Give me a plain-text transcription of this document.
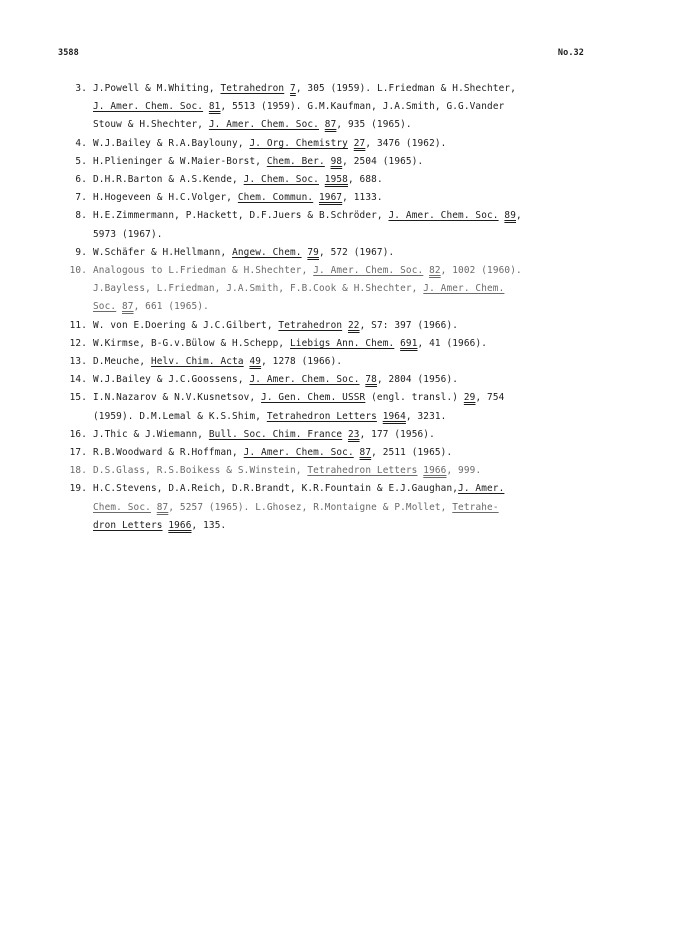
3588	No.32
3. J.Powell & M.Whiting, Tetrahedron 7, 305 (1959). L.Friedman & H.Shechter,
J. Amer. Chem. Soc. 81, 5513 (1959). G.M.Kaufman, J.A.Smith, G.G.Vander
Stouw & H.Shechter, J. Amer. Chem. Soc. 87, 935 (1965).
4. W.J.Bailey & R.A.Baylouny, J. Org. Chemistry 27, 3476 (1962).
5. H.Plieninger & W.Maier-Borst, Chem. Ber. 98, 2504 (1965).
6. D.H.R.Barton & A.S.Kende, J. Chem. Soc. 1958, 688.
7. H.Hogeveen & H.C.Volger, Chem. Commun. 1967, 1133.
8. H.E.Zimmermann, P.Hackett, D.F.Juers & B.Schröder, J. Amer. Chem. Soc. 89,
5973 (1967).
9. W.Schäfer & H.Hellmann, Angew. Chem. 79, 572 (1967).
10. Analogous to L.Friedman & H.Shechter, J. Amer. Chem. Soc. 82, 1002 (1960).
J.Bayless, L.Friedman, J.A.Smith, F.B.Cook & H.Shechter, J. Amer. Chem.
Soc. 87, 661 (1965).
11. W. von E.Doering & J.C.Gilbert, Tetrahedron 22, S7: 397 (1966).
12. W.Kirmse, B-G.v.Bülow & H.Schepp, Liebigs Ann. Chem. 691, 41 (1966).
13. D.Meuche, Helv. Chim. Acta 49, 1278 (1966).
14. W.J.Bailey & J.C.Goossens, J. Amer. Chem. Soc. 78, 2804 (1956).
15. I.N.Nazarov & N.V.Kusnetsov, J. Gen. Chem. USSR (engl. transl.) 29, 754
(1959). D.M.Lemal & K.S.Shim, Tetrahedron Letters 1964, 3231.
16. J.Thic & J.Wiemann, Bull. Soc. Chim. France 23, 177 (1956).
17. R.B.Woodward & R.Hoffman, J. Amer. Chem. Soc. 87, 2511 (1965).
18. D.S.Glass, R.S.Boikess & S.Winstein, Tetrahedron Letters 1966, 999.
19. H.C.Stevens, D.A.Reich, D.R.Brandt, K.R.Fountain & E.J.Gaughan,J. Amer.
Chem. Soc. 87, 5257 (1965). L.Ghosez, R.Montaigne & P.Mollet, Tetrahe-
dron Letters 1966, 135.
